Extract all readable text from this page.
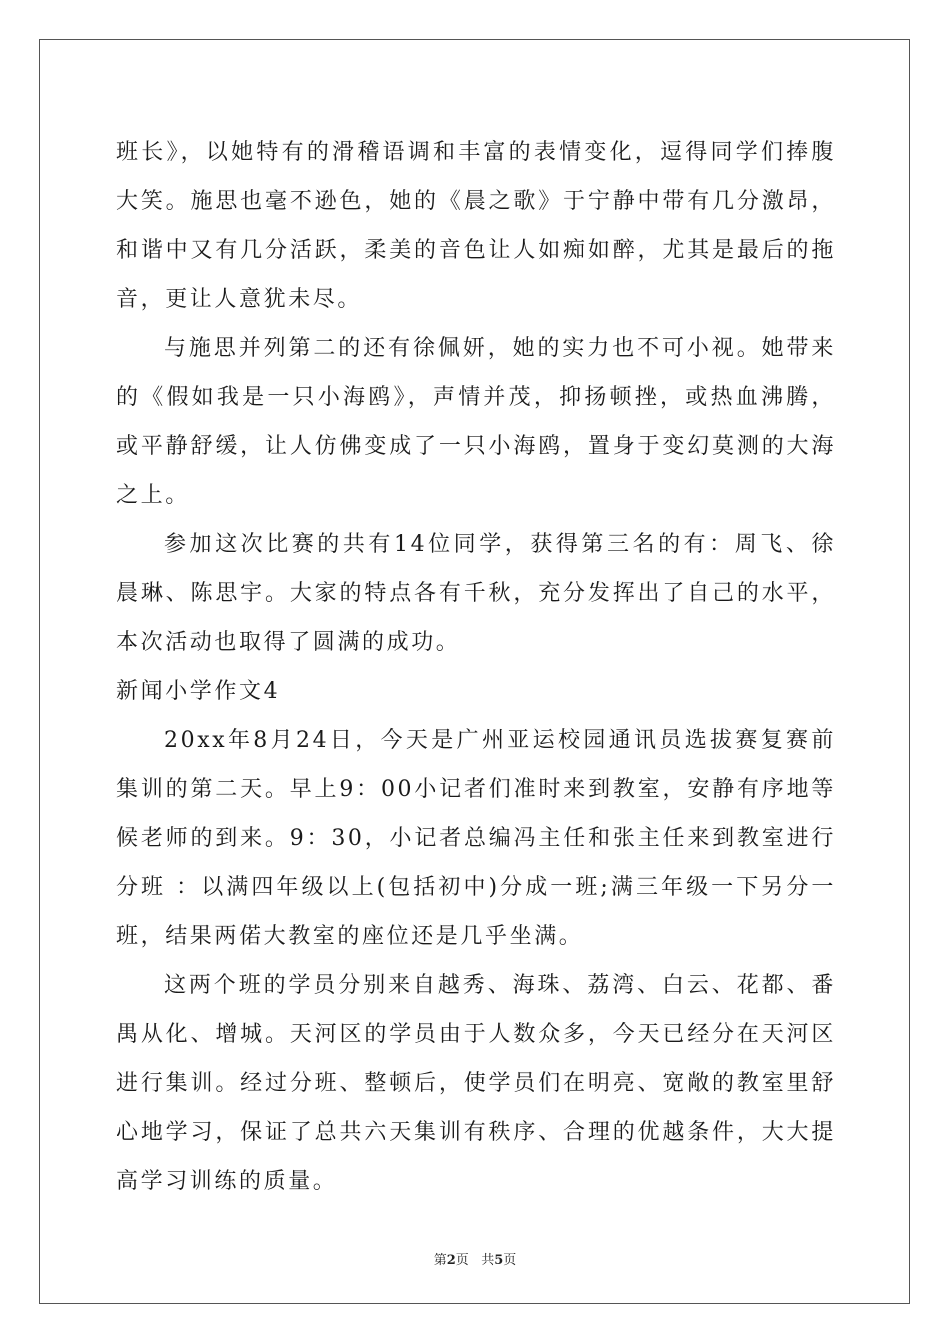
班长》，以她特有的滑稽语调和丰富的表情变化，逗得同学们捧腹大笑。施思也毫不逊色，她的《晨之歌》于宁静中带有几分激昂，和谐中又有几分活跃，柔美的音色让人如痴如醉，尤其是最后的拖音，更让人意犹未尽。

与施思并列第二的还有徐佩妍，她的实力也不可小视。她带来的《假如我是一只小海鸥》，声情并茂，抑扬顿挫，或热血沸腾，或平静舒缓，让人仿佛变成了一只小海鸥，置身于变幻莫测的大海之上。

参加这次比赛的共有14位同学，获得第三名的有：周飞、徐晨琳、陈思宇。大家的特点各有千秋，充分发挥出了自己的水平，本次活动也取得了圆满的成功。

新闻小学作文4

20xx年8月24日，今天是广州亚运校园通讯员选拔赛复赛前集训的第二天。早上9：00小记者们准时来到教室，安静有序地等候老师的到来。9：30，小记者总编冯主任和张主任来到教室进行分班 ：以满四年级以上(包括初中)分成一班;满三年级一下另分一班，结果两偌大教室的座位还是几乎坐满。

这两个班的学员分别来自越秀、海珠、荔湾、白云、花都、番禺从化、增城。天河区的学员由于人数众多，今天已经分在天河区进行集训。经过分班、整顿后，使学员们在明亮、宽敞的教室里舒心地学习，保证了总共六天集训有秩序、合理的优越条件，大大提高学习训练的质量。

第2页 共5页
